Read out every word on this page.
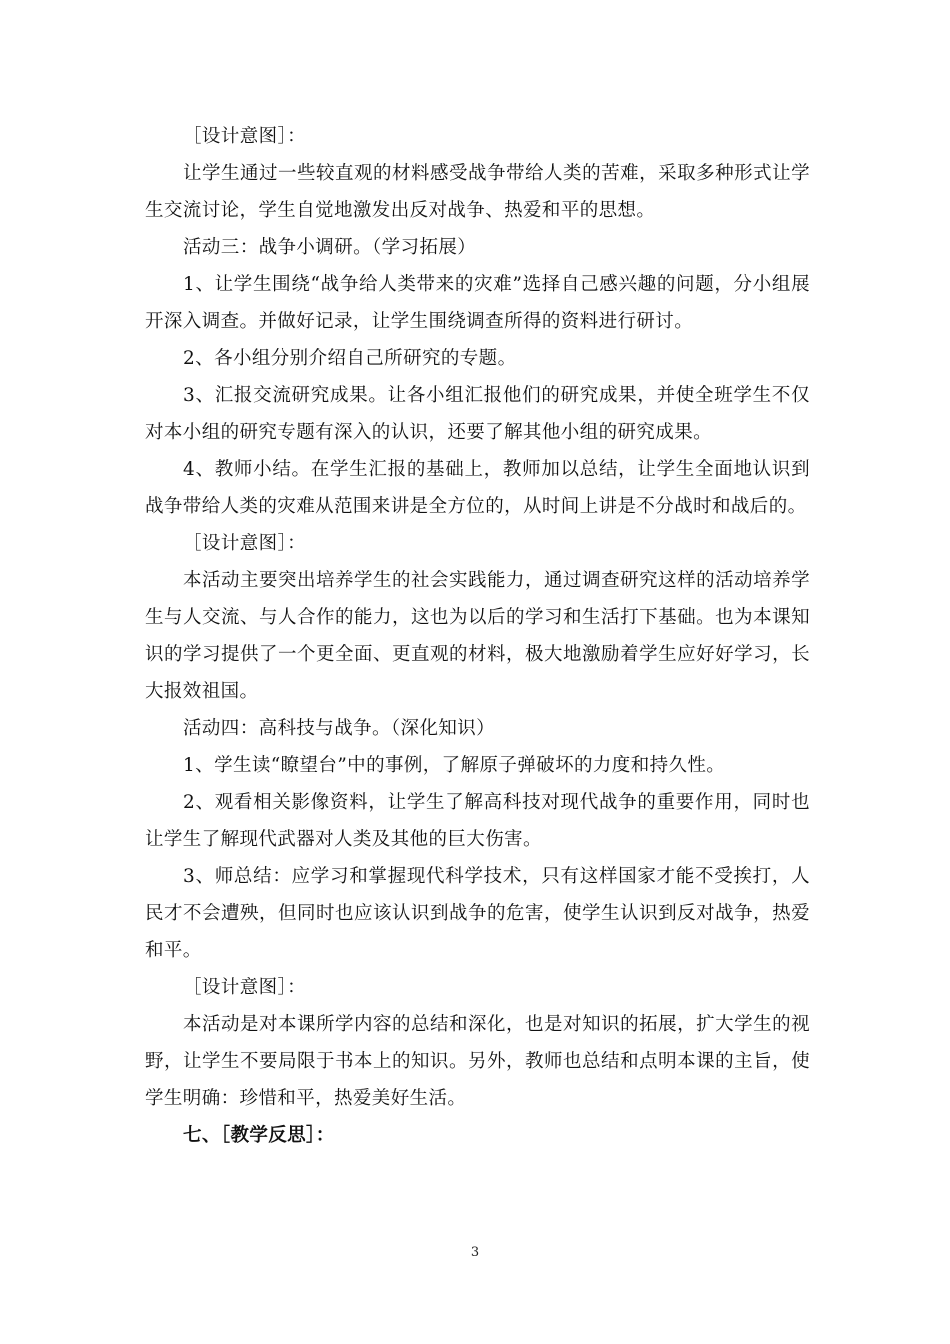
［设计意图］：

让学生通过一些较直观的材料感受战争带给人类的苦难，采取多种形式让学生交流讨论，学生自觉地激发出反对战争、热爱和平的思想。

活动三：战争小调研。（学习拓展）

1、让学生围绕“战争给人类带来的灾难”选择自己感兴趣的问题，分小组展开深入调查。并做好记录，让学生围绕调查所得的资料进行研讨。

2、各小组分别介绍自己所研究的专题。

3、汇报交流研究成果。让各小组汇报他们的研究成果，并使全班学生不仅对本小组的研究专题有深入的认识，还要了解其他小组的研究成果。

4、教师小结。在学生汇报的基础上，教师加以总结，让学生全面地认识到战争带给人类的灾难从范围来讲是全方位的，从时间上讲是不分战时和战后的。

［设计意图］：

本活动主要突出培养学生的社会实践能力，通过调查研究这样的活动培养学生与人交流、与人合作的能力，这也为以后的学习和生活打下基础。也为本课知识的学习提供了一个更全面、更直观的材料，极大地激励着学生应好好学习，长大报效祖国。

活动四：高科技与战争。（深化知识）

1、学生读“瞭望台”中的事例，了解原子弹破坏的力度和持久性。

2、观看相关影像资料，让学生了解高科技对现代战争的重要作用，同时也让学生了解现代武器对人类及其他的巨大伤害。

3、师总结：应学习和掌握现代科学技术，只有这样国家才能不受挨打，人民才不会遭殃，但同时也应该认识到战争的危害，使学生认识到反对战争，热爱和平。

［设计意图］：

本活动是对本课所学内容的总结和深化，也是对知识的拓展，扩大学生的视野，让学生不要局限于书本上的知识。另外，教师也总结和点明本课的主旨，使学生明确：珍惜和平，热爱美好生活。

七、［教学反思］：

3
